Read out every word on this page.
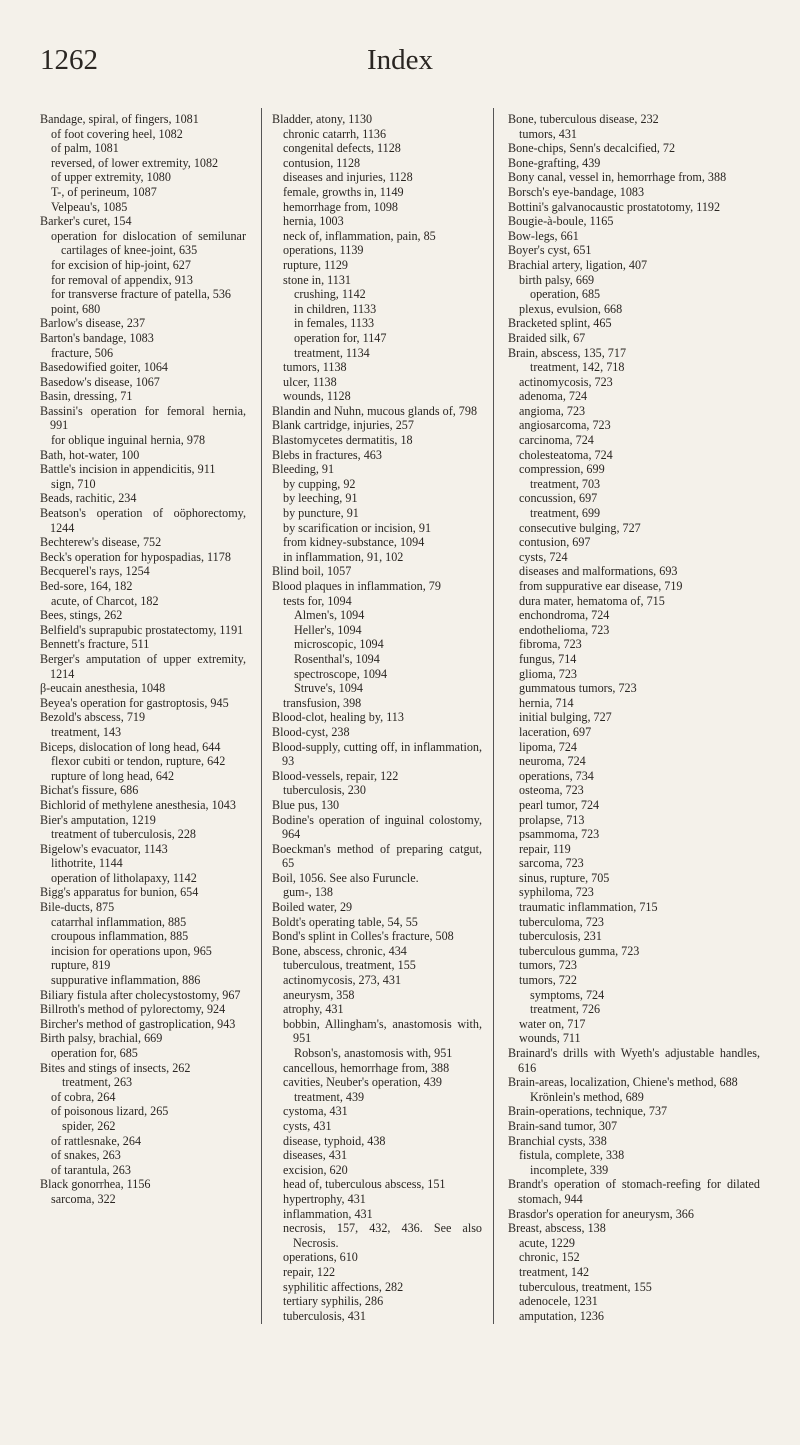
1262	Index

Bandage, spiral, of fingers, 1081

of foot covering heel, 1082

of palm, 1081

reversed, of lower extremity, 1082

of upper extremity, 1080

T-, of perineum, 1087

Velpeau's, 1085

Barker's curet, 154

operation for dislocation of semilunar cartilages of knee-joint, 635

for excision of hip-joint, 627

for removal of appendix, 913

for transverse fracture of patella, 536

point, 680

Barlow's disease, 237

Barton's bandage, 1083

fracture, 506

Basedowified goiter, 1064

Basedow's disease, 1067

Basin, dressing, 71

Bassini's operation for femoral hernia, 991

for oblique inguinal hernia, 978

Bath, hot-water, 100

Battle's incision in appendicitis, 911

sign, 710

Beads, rachitic, 234

Beatson's operation of oöphorectomy, 1244

Bechterew's disease, 752

Beck's operation for hypospadias, 1178

Becquerel's rays, 1254

Bed-sore, 164, 182

acute, of Charcot, 182

Bees, stings, 262

Belfield's suprapubic prostatectomy, 1191

Bennett's fracture, 511

Berger's amputation of upper extremity, 1214

β-eucain anesthesia, 1048

Beyea's operation for gastroptosis, 945

Bezold's abscess, 719

treatment, 143

Biceps, dislocation of long head, 644

flexor cubiti or tendon, rupture, 642

rupture of long head, 642

Bichat's fissure, 686

Bichlorid of methylene anesthesia, 1043

Bier's amputation, 1219

treatment of tuberculosis, 228

Bigelow's evacuator, 1143

lithotrite, 1144

operation of litholapaxy, 1142

Bigg's apparatus for bunion, 654

Bile-ducts, 875

catarrhal inflammation, 885

croupous inflammation, 885

incision for operations upon, 965

rupture, 819

suppurative inflammation, 886

Biliary fistula after cholecystostomy, 967

Billroth's method of pylorectomy, 924

Bircher's method of gastroplication, 943

Birth palsy, brachial, 669

operation for, 685

Bites and stings of insects, 262

treatment, 263

of cobra, 264

of poisonous lizard, 265

spider, 262

of rattlesnake, 264

of snakes, 263

of tarantula, 263

Black gonorrhea, 1156

sarcoma, 322

Bladder, atony, 1130

chronic catarrh, 1136

congenital defects, 1128

contusion, 1128

diseases and injuries, 1128

female, growths in, 1149

hemorrhage from, 1098

hernia, 1003

neck of, inflammation, pain, 85

operations, 1139

rupture, 1129

stone in, 1131

crushing, 1142

in children, 1133

in females, 1133

operation for, 1147

treatment, 1134

tumors, 1138

ulcer, 1138

wounds, 1128

Blandin and Nuhn, mucous glands of, 798

Blank cartridge, injuries, 257

Blastomycetes dermatitis, 18

Blebs in fractures, 463

Bleeding, 91

by cupping, 92

by leeching, 91

by puncture, 91

by scarification or incision, 91

from kidney-substance, 1094

in inflammation, 91, 102

Blind boil, 1057

Blood plaques in inflammation, 79

tests for, 1094

Almen's, 1094

Heller's, 1094

microscopic, 1094

Rosenthal's, 1094

spectroscope, 1094

Struve's, 1094

transfusion, 398

Blood-clot, healing by, 113

Blood-cyst, 238

Blood-supply, cutting off, in inflammation, 93

Blood-vessels, repair, 122

tuberculosis, 230

Blue pus, 130

Bodine's operation of inguinal colostomy, 964

Boeckman's method of preparing catgut, 65

Boil, 1056. See also Furuncle.

gum-, 138

Boiled water, 29

Boldt's operating table, 54, 55

Bond's splint in Colles's fracture, 508

Bone, abscess, chronic, 434

tuberculous, treatment, 155

actinomycosis, 273, 431

aneurysm, 358

atrophy, 431

bobbin, Allingham's, anastomosis with, 951

Robson's, anastomosis with, 951

cancellous, hemorrhage from, 388

cavities, Neuber's operation, 439

treatment, 439

cystoma, 431

cysts, 431

disease, typhoid, 438

diseases, 431

excision, 620

head of, tuberculous abscess, 151

hypertrophy, 431

inflammation, 431

necrosis, 157, 432, 436. See also Necrosis.

operations, 610

repair, 122

syphilitic affections, 282

tertiary syphilis, 286

tuberculosis, 431

Bone, tuberculous disease, 232

tumors, 431

Bone-chips, Senn's decalcified, 72

Bone-grafting, 439

Bony canal, vessel in, hemorrhage from, 388

Borsch's eye-bandage, 1083

Bottini's galvanocaustic prostatotomy, 1192

Bougie-à-boule, 1165

Bow-legs, 661

Boyer's cyst, 651

Brachial artery, ligation, 407

birth palsy, 669

operation, 685

plexus, evulsion, 668

Bracketed splint, 465

Braided silk, 67

Brain, abscess, 135, 717

treatment, 142, 718

actinomycosis, 723

adenoma, 724

angioma, 723

angiosarcoma, 723

carcinoma, 724

cholesteatoma, 724

compression, 699

treatment, 703

concussion, 697

treatment, 699

consecutive bulging, 727

contusion, 697

cysts, 724

diseases and malformations, 693

from suppurative ear disease, 719

dura mater, hematoma of, 715

enchondroma, 724

endothelioma, 723

fibroma, 723

fungus, 714

glioma, 723

gummatous tumors, 723

hernia, 714

initial bulging, 727

laceration, 697

lipoma, 724

neuroma, 724

operations, 734

osteoma, 723

pearl tumor, 724

prolapse, 713

psammoma, 723

repair, 119

sarcoma, 723

sinus, rupture, 705

syphiloma, 723

traumatic inflammation, 715

tuberculoma, 723

tuberculosis, 231

tuberculous gumma, 723

tumors, 723

tumors, 722

symptoms, 724

treatment, 726

water on, 717

wounds, 711

Brainard's drills with Wyeth's adjustable handles, 616

Brain-areas, localization, Chiene's method, 688

Krönlein's method, 689

Brain-operations, technique, 737

Brain-sand tumor, 307

Branchial cysts, 338

fistula, complete, 338

incomplete, 339

Brandt's operation of stomach-reefing for dilated stomach, 944

Brasdor's operation for aneurysm, 366

Breast, abscess, 138

acute, 1229

chronic, 152

treatment, 142

tuberculous, treatment, 155

adenocele, 1231

amputation, 1236
